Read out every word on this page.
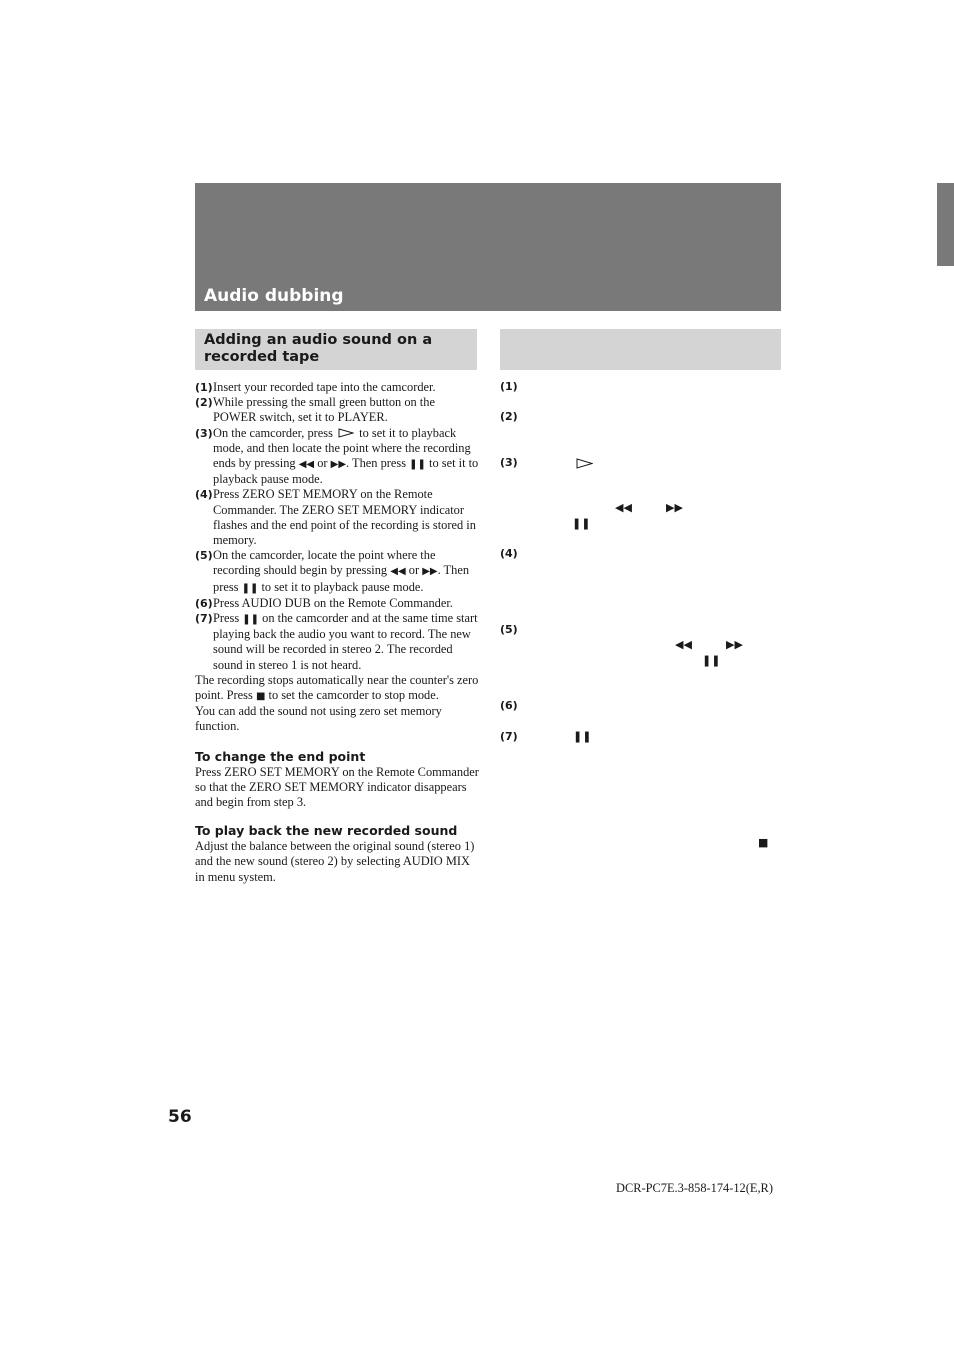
Audio dubbing
Adding an audio sound on a recorded tape
(1) Insert your recorded tape into the camcorder.
(2) While pressing the small green button on the POWER switch, set it to PLAYER.
(3) On the camcorder, press to set it to playback mode, and then locate the point where the recording ends by pressing ◀◀ or ▶▶. Then press ❚❚ to set it to playback pause mode.
(4) Press ZERO SET MEMORY on the Remote Commander. The ZERO SET MEMORY indicator flashes and the end point of the recording is stored in memory.
(5) On the camcorder, locate the point where the recording should begin by pressing ◀◀ or ▶▶. Then press ❚❚ to set it to playback pause mode.
(6) Press AUDIO DUB on the Remote Commander.
(7) Press ❚❚ on the camcorder and at the same time start playing back the audio you want to record. The new sound will be recorded in stereo 2. The recorded sound in stereo 1 is not heard.

The recording stops automatically near the counter's zero point. Press ■ to set the camcorder to stop mode.

You can add the sound not using zero set memory function.

To change the end point

Press ZERO SET MEMORY on the Remote Commander so that the ZERO SET MEMORY indicator disappears and begin from step 3.

To play back the new recorded sound

Adjust the balance between the original sound (stereo 1) and the new sound (stereo 2) by selecting AUDIO MIX in menu system.

(1)
(2)
(3)
◀◀	▶▶
❚❚
(4)
(5)
◀◀	▶▶
❚❚
(6)
(7)	❚❚
■

56

DCR-PC7E.3-858-174-12(E,R)
